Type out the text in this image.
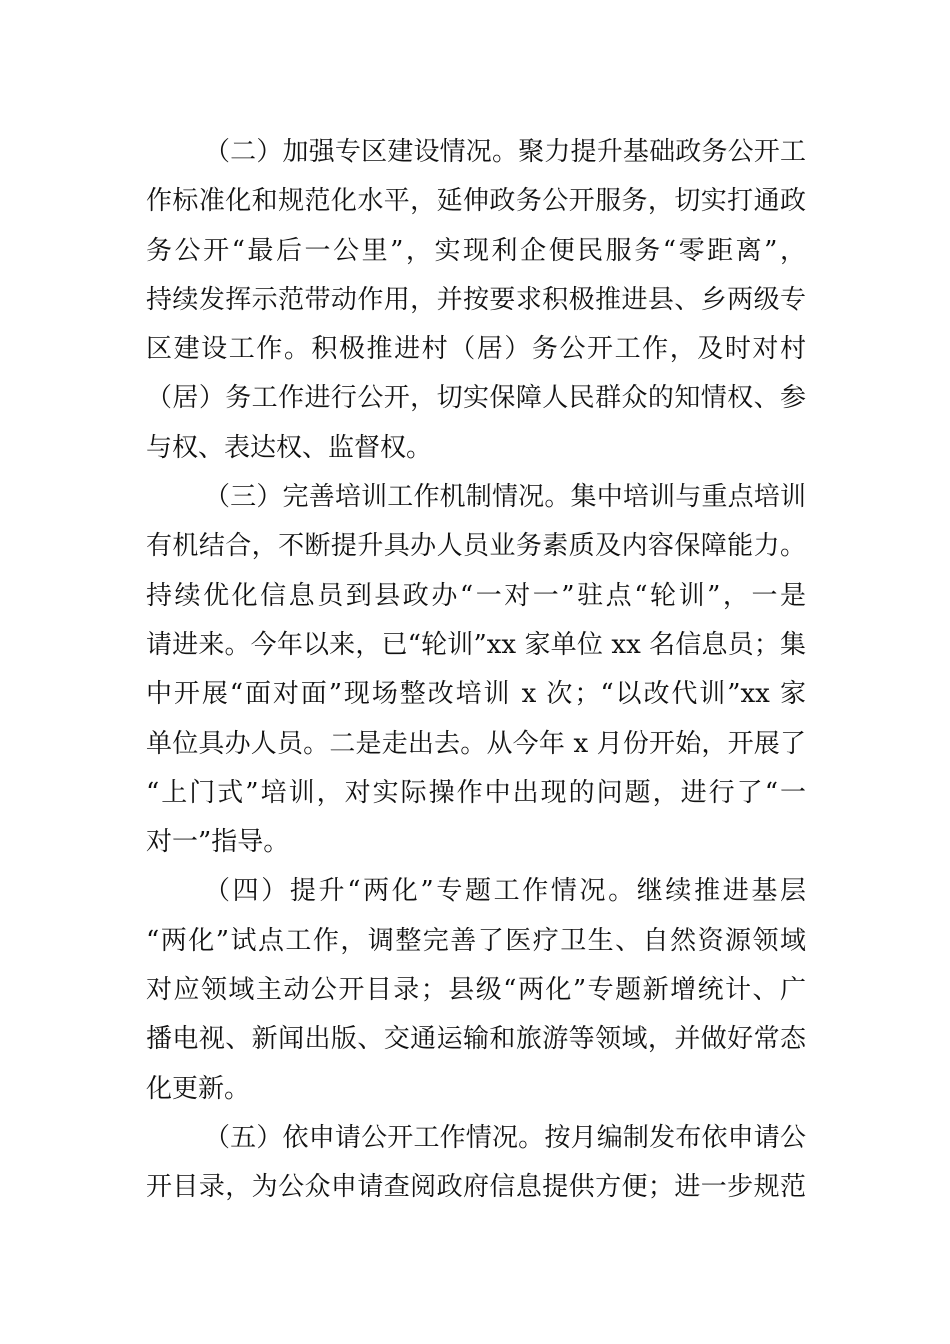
（二）加强专区建设情况。聚力提升基础政务公开工
作标准化和规范化水平，延伸政务公开服务，切实打通政
务公开“最后一公里”，实现利企便民服务“零距离”，
持续发挥示范带动作用，并按要求积极推进县、乡两级专
区建设工作。积极推进村（居）务公开工作，及时对村
（居）务工作进行公开，切实保障人民群众的知情权、参
与权、表达权、监督权。
（三）完善培训工作机制情况。集中培训与重点培训
有机结合，不断提升具办人员业务素质及内容保障能力。
持续优化信息员到县政办“一对一”驻点“轮训”，一是
请进来。今年以来，已“轮训”xx 家单位 xx 名信息员；集
中开展“面对面”现场整改培训 x 次；“以改代训”xx 家
单位具办人员。二是走出去。从今年 x 月份开始，开展了
“上门式”培训，对实际操作中出现的问题，进行了“一
对一”指导。
（四）提升“两化”专题工作情况。继续推进基层
“两化”试点工作，调整完善了医疗卫生、自然资源领域
对应领域主动公开目录；县级“两化”专题新增统计、广
播电视、新闻出版、交通运输和旅游等领域，并做好常态
化更新。
（五）依申请公开工作情况。按月编制发布依申请公
开目录，为公众申请查阅政府信息提供方便；进一步规范
